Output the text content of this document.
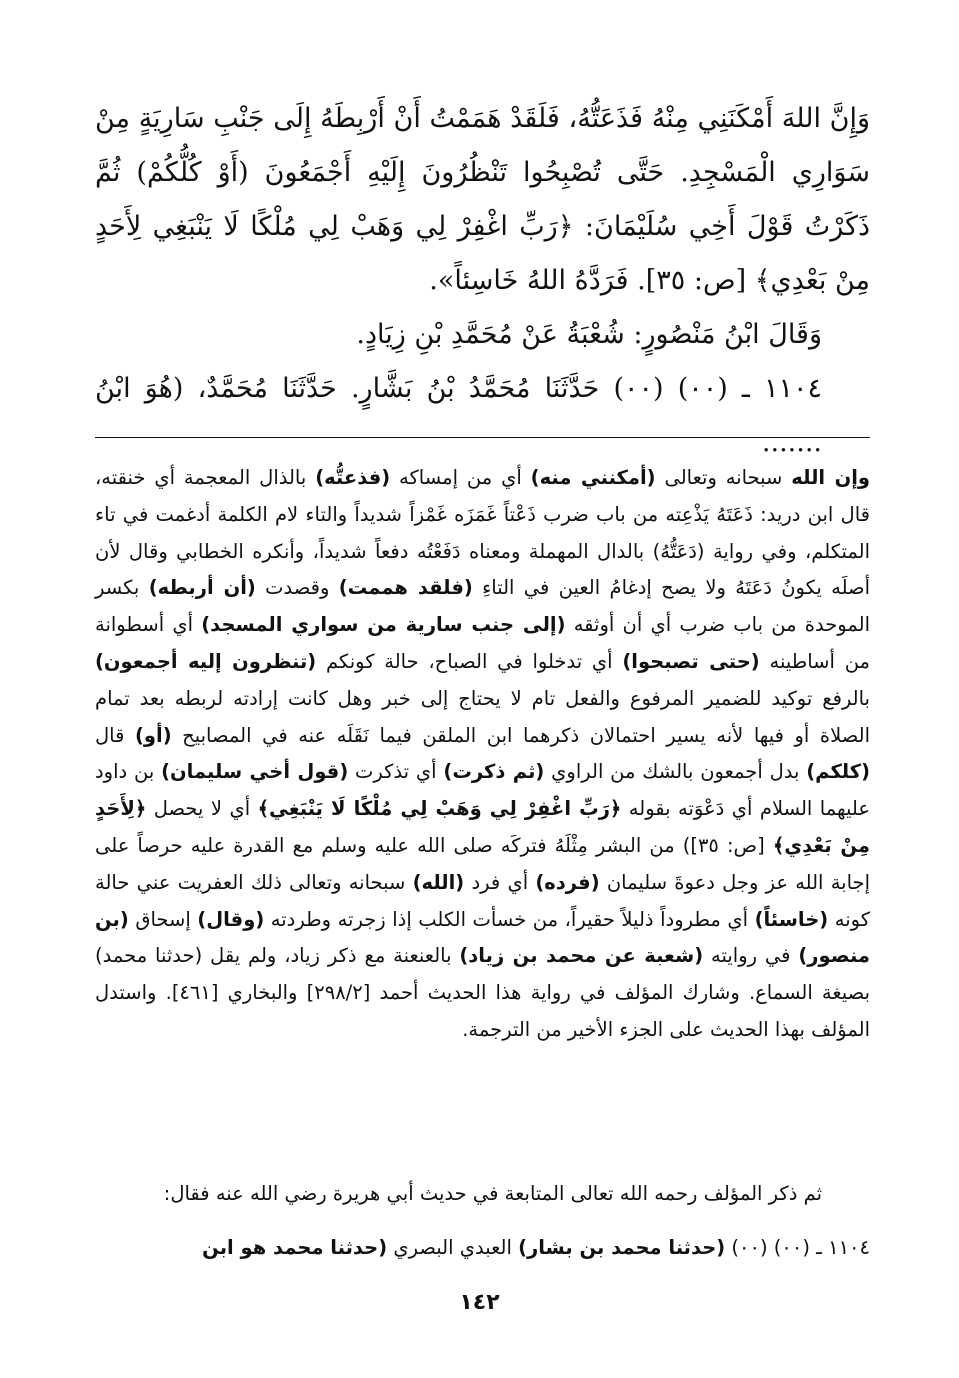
وَإِنَّ اللهَ أَمْكَنَنِي مِنْهُ فَذَعَتُّهُ، فَلَقَدْ هَمَمْتُ أَنْ أَرْبِطَهُ إِلَى جَنْبِ سَارِيَةٍ مِنْ سَوَارِي الْمَسْجِدِ. حَتَّى تُصْبِحُوا تَنْظُرُونَ إِلَيْهِ أَجْمَعُونَ (أَوْ كُلُّكُمْ) ثُمَّ ذَكَرْتُ قَوْلَ أَخِي سُلَيْمَانَ: ﴿رَبِّ اغْفِرْ لِي وَهَبْ لِي مُلْكًا لَا يَنْبَغِي لِأَحَدٍ مِنْ بَعْدِي﴾ [ص: ٣٥]. فَرَدَّهُ اللهُ خَاسِئاً».

وَقَالَ ابْنُ مَنْصُورٍ: شُعْبَةُ عَنْ مُحَمَّدِ بْنِ زِيَادٍ.

١١٠٤ ـ (٠٠) (٠٠) حَدَّثَنَا مُحَمَّدُ بْنُ بَشَّارٍ. حَدَّثَنَا مُحَمَّدٌ، (هُوَ ابْنُ .......

وإن الله سبحانه وتعالى (أمكنني منه) أي من إمساكه (فذعتُّه) بالذال المعجمة أي خنقته، قال ابن دريد: ذَعَتَهُ يَذْعِته من باب ضرب ذَعْتاً غَمَزَه غَمْزاً شديداً والتاء لام الكلمة أدغمت في تاء المتكلم، وفي رواية (دَعَتُّهُ) بالدال المهملة ومعناه دَفَعْتُه دفعاً شديداً، وأنكره الخطابي وقال لأن أصلَه يكونُ دَعَتَهُ ولا يصح إدغامُ العين في التاءِ (فلقد هممت) وقصدت (أن أربطه) بكسر الموحدة من باب ضرب أي أن أوثقه (إلى جنب سارية من سواري المسجد) أي أسطوانة من أساطينه (حتى تصبحوا) أي تدخلوا في الصباح، حالة كونكم (تنظرون إليه أجمعون) بالرفع توكيد للضمير المرفوع والفعل تام لا يحتاج إلى خبر وهل كانت إرادته لربطه بعد تمام الصلاة أو فيها لأنه يسير احتمالان ذكرهما ابن الملقن فيما نَقَلَه عنه في المصابيح (أو) قال (كلكم) بدل أجمعون بالشك من الراوي (ثم ذكرت) أي تذكرت (قول أخي سليمان) بن داود عليهما السلام أي دَعْوَته بقوله ﴿رَبِّ اغْفِرْ لِي وَهَبْ لِي مُلْكًا لَا يَنْبَغِي﴾ أي لا يحصل ﴿لِأَحَدٍ مِنْ بَعْدِي﴾ [ص: ٣٥]) من البشر مِثْلَهُ فتركَه صلى الله عليه وسلم مع القدرة عليه حرصاً على إجابة الله عز وجل دعوةَ سليمان (فرده) أي فرد (الله) سبحانه وتعالى ذلك العفريت عني حالة كونه (خاسئاً) أي مطروداً ذليلاً حقيراً، من خسأت الكلب إذا زجرته وطردته (وقال) إسحاق (بن منصور) في روايته (شعبة عن محمد بن زياد) بالعنعنة مع ذكر زياد، ولم يقل (حدثنا محمد) بصيغة السماع. وشارك المؤلف في رواية هذا الحديث أحمد [٢٩٨/٢] والبخاري [٤٦١]. واستدل المؤلف بهذا الحديث على الجزء الأخير من الترجمة.

ثم ذكر المؤلف رحمه الله تعالى المتابعة في حديث أبي هريرة رضي الله عنه فقال:

١١٠٤ ـ (٠٠) (٠٠) (حدثنا محمد بن بشار) العبدي البصري (حدثنا محمد هو ابن

١٤٢
